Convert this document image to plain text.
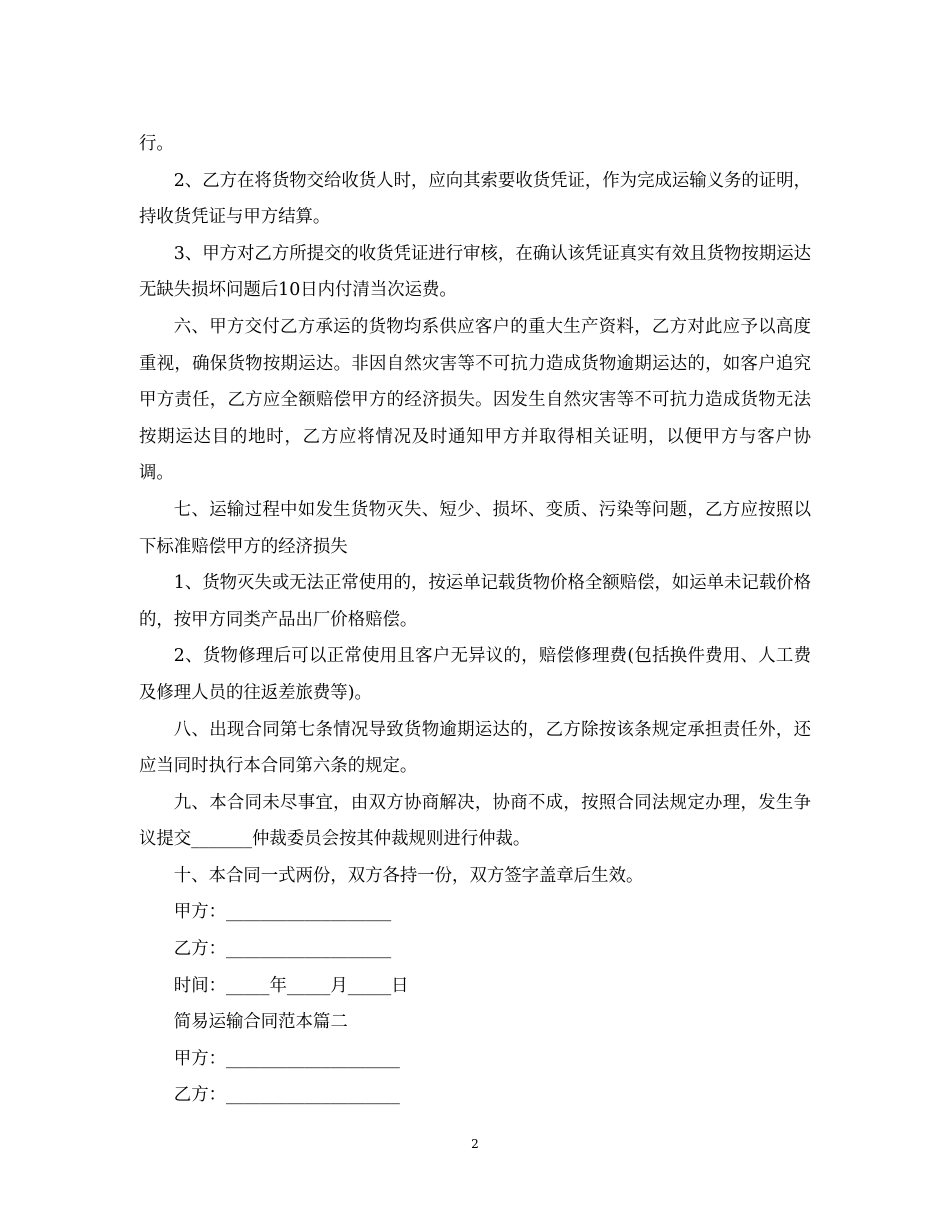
行。

2、乙方在将货物交给收货人时，应向其索要收货凭证，作为完成运输义务的证明，持收货凭证与甲方结算。

3、甲方对乙方所提交的收货凭证进行审核，在确认该凭证真实有效且货物按期运达无缺失损坏问题后10日内付清当次运费。

六、甲方交付乙方承运的货物均系供应客户的重大生产资料，乙方对此应予以高度重视，确保货物按期运达。非因自然灾害等不可抗力造成货物逾期运达的，如客户追究甲方责任，乙方应全额赔偿甲方的经济损失。因发生自然灾害等不可抗力造成货物无法按期运达目的地时，乙方应将情况及时通知甲方并取得相关证明，以便甲方与客户协调。

七、运输过程中如发生货物灭失、短少、损坏、变质、污染等问题，乙方应按照以下标准赔偿甲方的经济损失

1、货物灭失或无法正常使用的，按运单记载货物价格全额赔偿，如运单未记载价格的，按甲方同类产品出厂价格赔偿。

2、货物修理后可以正常使用且客户无异议的，赔偿修理费(包括换件费用、人工费及修理人员的往返差旅费等)。

八、出现合同第七条情况导致货物逾期运达的，乙方除按该条规定承担责任外，还应当同时执行本合同第六条的规定。

九、本合同未尽事宜，由双方协商解决，协商不成，按照合同法规定办理，发生争议提交_______仲裁委员会按其仲裁规则进行仲裁。

十、本合同一式两份，双方各持一份，双方签字盖章后生效。

甲方：___________________

乙方：___________________

时间：_____年_____月_____日

简易运输合同范本篇二

甲方：____________________

乙方：____________________

2
